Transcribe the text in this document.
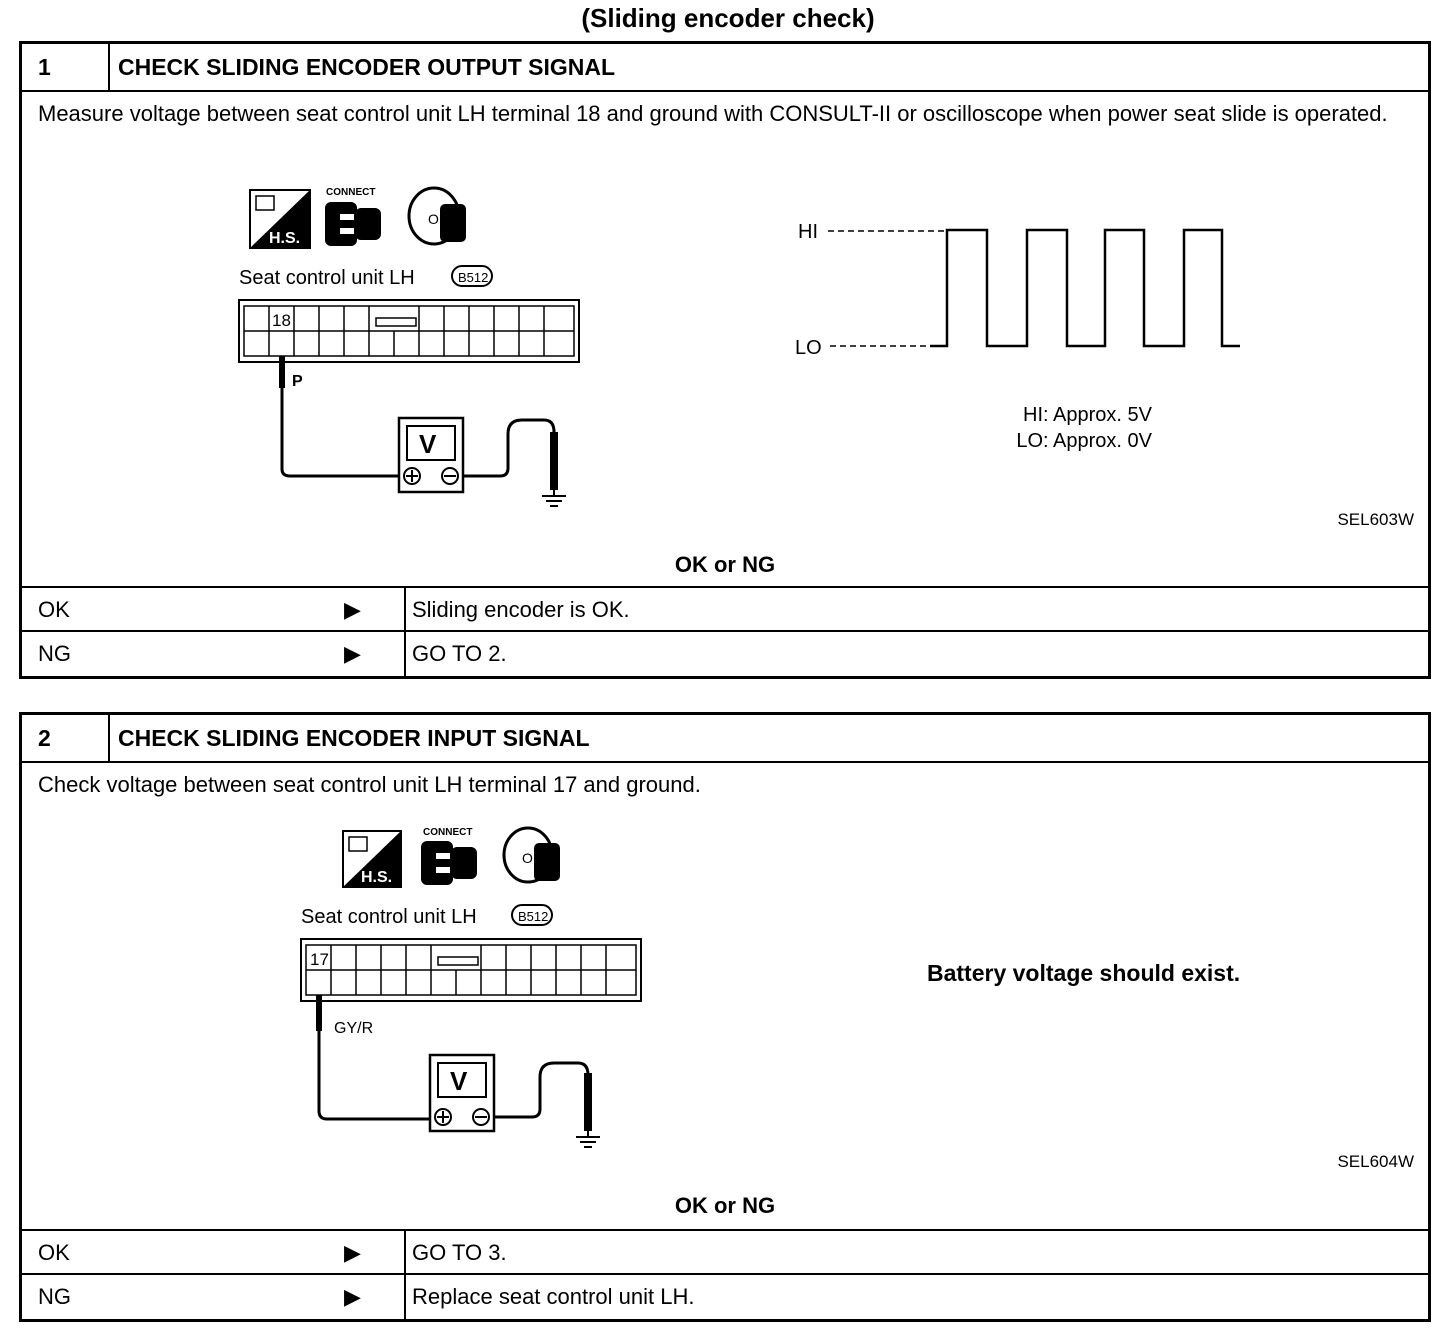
(Sliding encoder check)
1	CHECK SLIDING ENCODER OUTPUT SIGNAL
Measure voltage between seat control unit LH terminal 18 and ground with CONSULT-II or oscilloscope when power seat slide is operated.
H.S.
CONNECT
OFF
Seat control unit LH	B512
18
P
V
HI
LO
HI: Approx. 5V
LO: Approx. 0V
SEL603W
OK or NG
OK	▶ Sliding encoder is OK.
NG	▶ GO TO 2.
2	CHECK SLIDING ENCODER INPUT SIGNAL
Check voltage between seat control unit LH terminal 17 and ground.
H.S.
CONNECT
OFF
Seat control unit LH	B512
17
GY/R
V
Battery voltage should exist.
SEL604W
OK or NG
OK	▶ GO TO 3.
NG	▶ Replace seat control unit LH.
